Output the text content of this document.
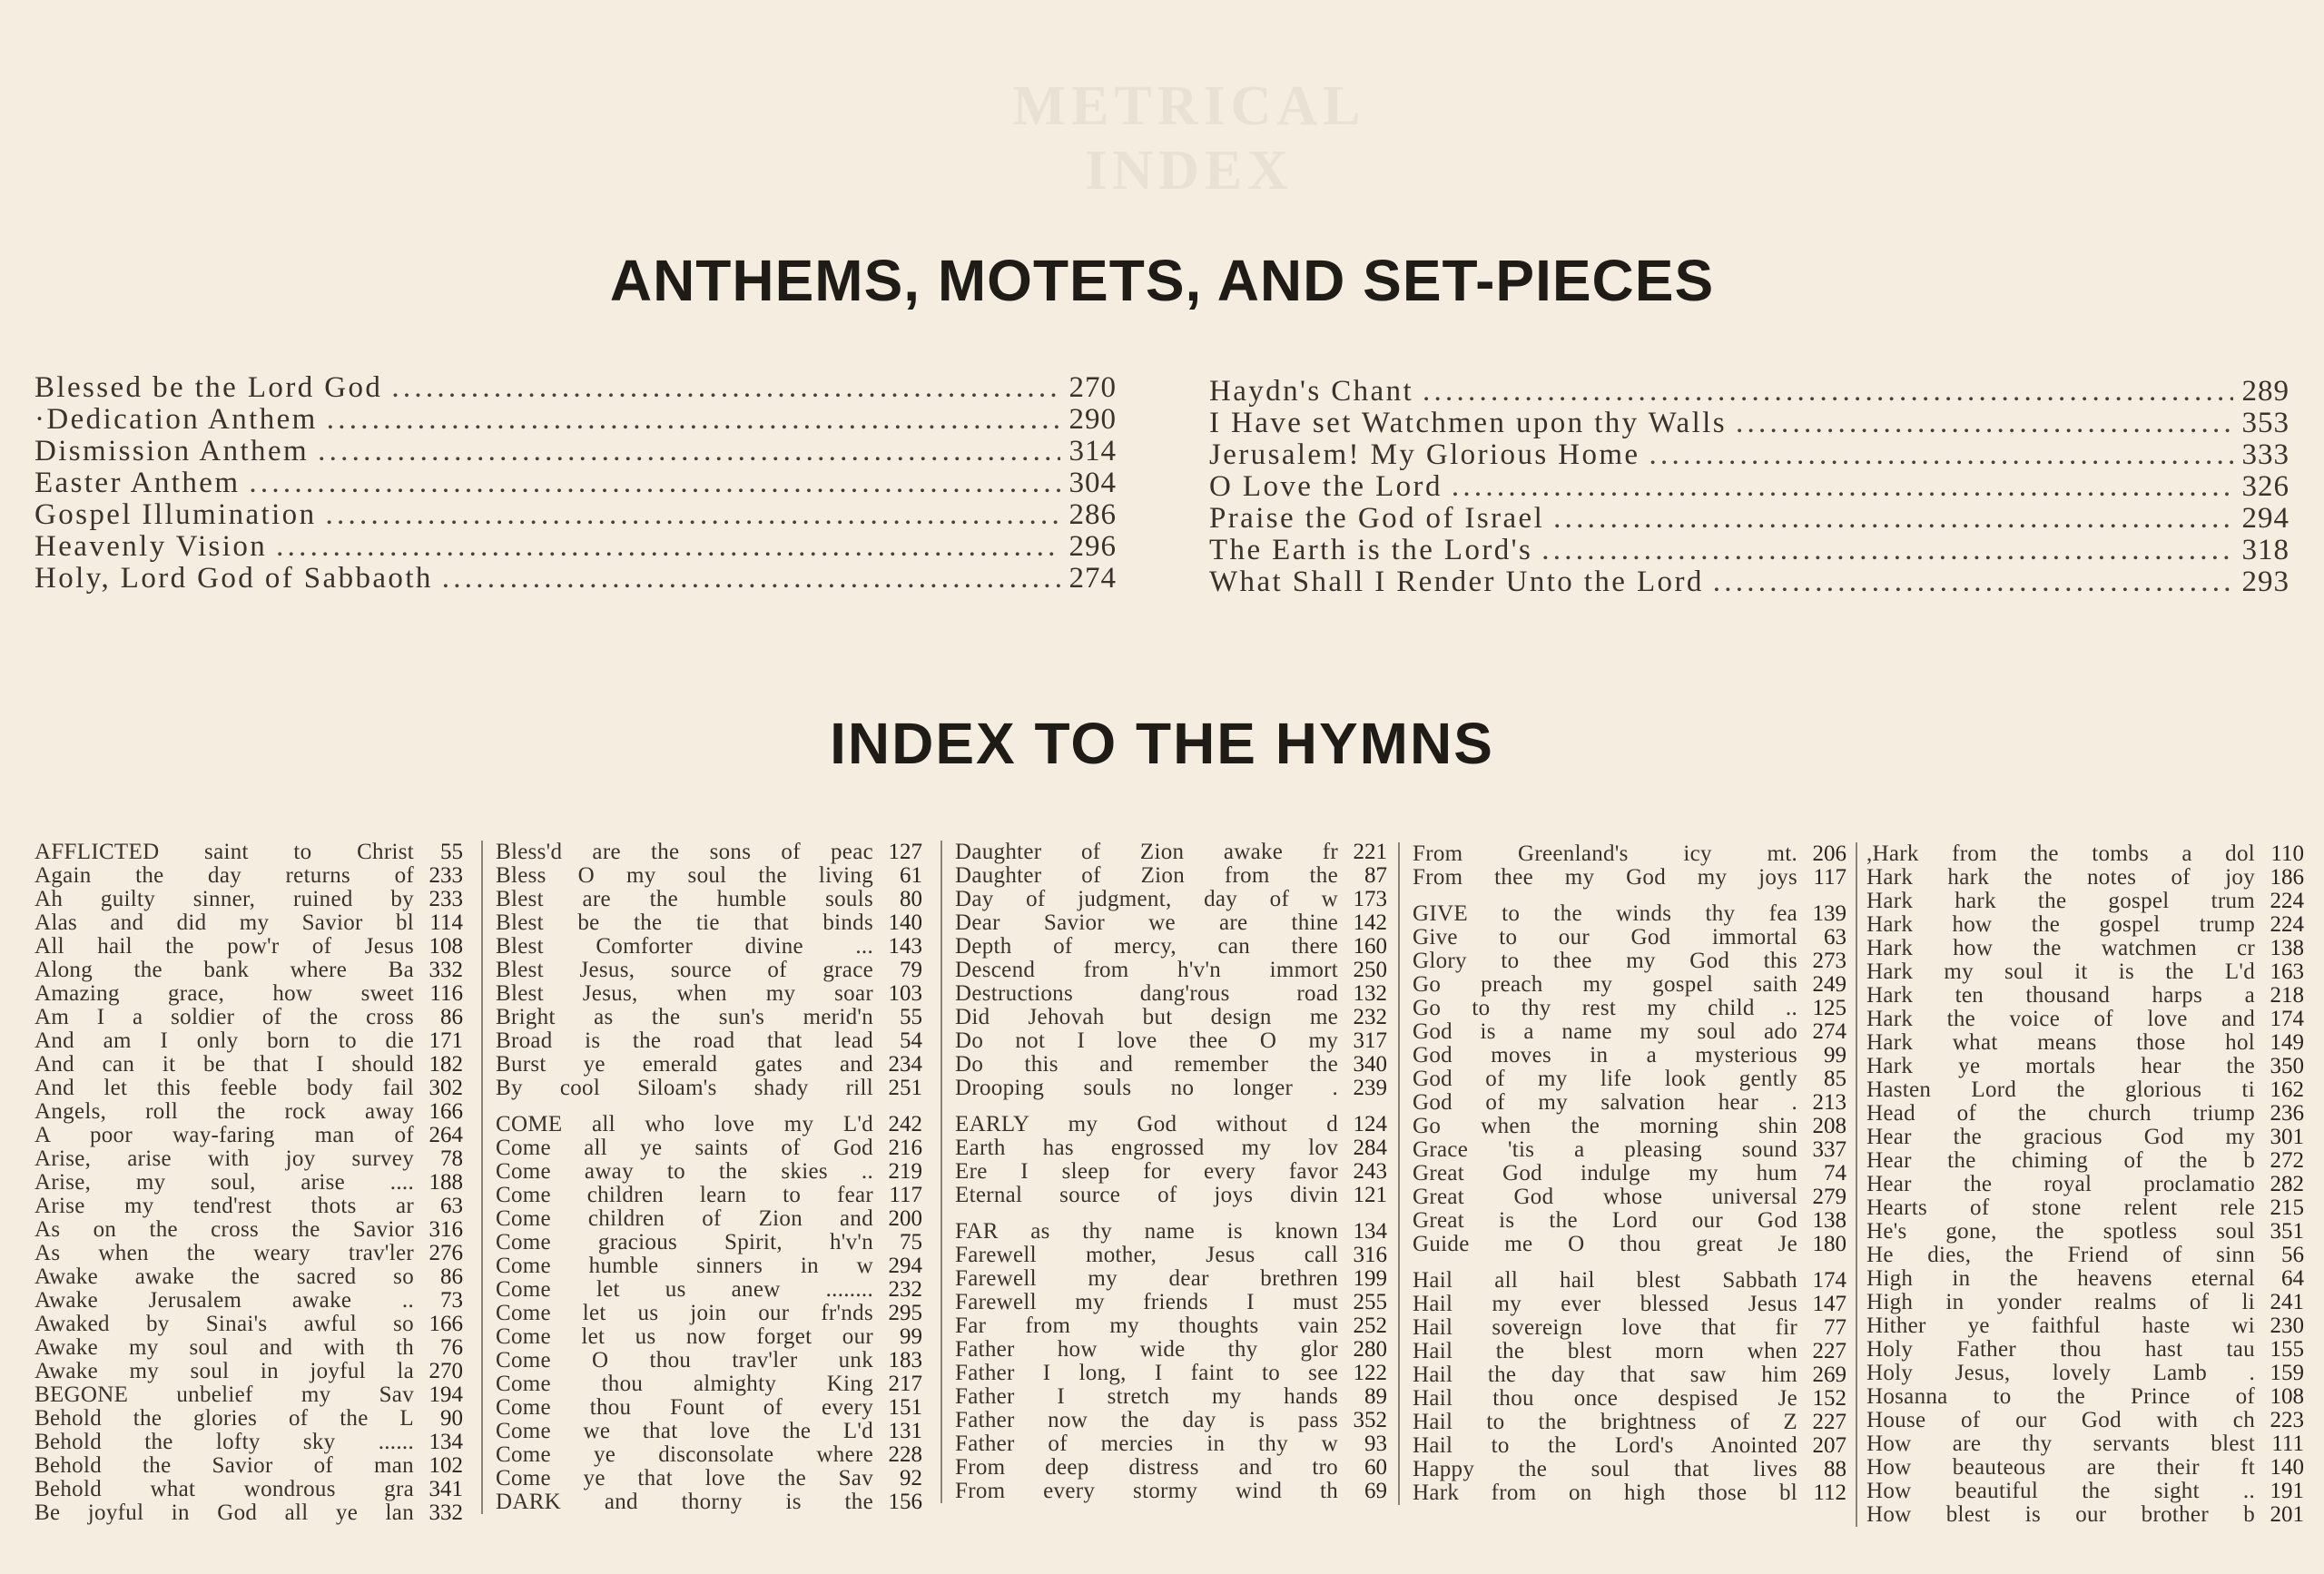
METRICAL INDEX
ANTHEMS, MOTETS, AND SET-PIECES
Blessed be the Lord God . . .	270
·Dedication Anthem . . .	290
Dismission Anthem . . .	314
Easter Anthem . . .	304
Gospel Illumination . . .	286
Heavenly Vision . . .	296
Holy, Lord God of Sabbaoth . . .	274
Haydn's Chant . . .	289
I Have set Watchmen upon thy Walls . . .	353
Jerusalem! My Glorious Home . . .	333
O Love the Lord . . .	326
Praise the God of Israel . . .	294
The Earth is the Lord's . . .	318
What Shall I Render Unto the Lord . . .	293
INDEX TO THE HYMNS
AFFLICTED saint to Christ	55
Again the day returns of 233
Ah guilty sinner, ruined by 233
Alas and did my Savior bl 114
All hail the pow'r of Jesus 108
Along the bank where Ba 332
Amazing grace, how sweet 116
Am I a soldier of the cross	86
And am I only born to die 171
And can it be that I should 182
And let this feeble body fail 302
Angels, roll the rock away 166
A poor way-faring man of 264
Arise, arise with joy survey	78
Arise, my soul, arise .... 188
Arise my tend'rest thots ar	63
As on the cross the Savior 316
As when the weary trav'ler 276
Awake awake the sacred so	86
Awake Jerusalem awake ..	73
Awaked by Sinai's awful so 166
Awake my soul and with th	76
Awake my soul in joyful la 270
BEGONE unbelief my Sav 194
Behold the glories of the L	90
Behold the lofty sky ...... 134
Behold the Savior of man 102
Behold what wondrous gra 341
Be joyful in God all ye lan 332
Bless'd are the sons of peac 127
Bless O my soul the living	61
Blest are the humble souls	80
Blest be the tie that binds 140
Blest Comforter divine ... 143
Blest Jesus, source of grace	79
Blest Jesus, when my soar 103
Bright as the sun's merid'n	55
Broad is the road that lead	54
Burst ye emerald gates and 234
By cool Siloam's shady rill 251
COME all who love my L'd 242
Come all ye saints of God 216
Come away to the skies .. 219
Come children learn to fear 117
Come children of Zion and 200
Come gracious Spirit, h'v'n	75
Come humble sinners in w 294
Come let us anew ........ 232
Come let us join our fr'nds 295
Come let us now forget our	99
Come O thou trav'ler unk 183
Come thou almighty King 217
Come thou Fount of every 151
Come we that love the L'd 131
Come ye disconsolate where 228
Come ye that love the Sav	92
DARK and thorny is the 156
Daughter of Zion awake fr 221
Daughter of Zion from the	87
Day of judgment, day of w 173
Dear Savior we are thine 142
Depth of mercy, can there 160
Descend from h'v'n immort 250
Destructions dang'rous road 132
Did Jehovah but design me 232
Do not I love thee O my 317
Do this and remember the 340
Drooping souls no longer . 239
EARLY my God without d 124
Earth has engrossed my lov 284
Ere I sleep for every favor 243
Eternal source of joys divin 121
FAR as thy name is known 134
Farewell mother, Jesus call 316
Farewell my dear brethren 199
Farewell my friends I must 255
Far from my thoughts vain 252
Father how wide thy glor 280
Father I long, I faint to see 122
Father I stretch my hands	89
Father now the day is pass 352
Father of mercies in thy w	93
From deep distress and tro	60
From every stormy wind th	69
From Greenland's icy mt. 206
From thee my God my joys 117
GIVE to the winds thy fea 139
Give to our God immortal	63
Glory to thee my God this 273
Go preach my gospel saith 249
Go to thy rest my child .. 125
God is a name my soul ado 274
God moves in a mysterious	99
God of my life look gently	85
God of my salvation hear . 213
Go when the morning shin 208
Grace 'tis a pleasing sound 337
Great God indulge my hum	74
Great God whose universal 279
Great is the Lord our God 138
Guide me O thou great Je 180
Hail all hail blest Sabbath 174
Hail my ever blessed Jesus 147
Hail sovereign love that fir	77
Hail the blest morn when 227
Hail the day that saw him 269
Hail thou once despised Je 152
Hail to the brightness of Z 227
Hail to the Lord's Anointed 207
Happy the soul that lives	88
Hark from on high those bl 112
,Hark from the tombs a dol 110
Hark hark the notes of joy 186
Hark hark the gospel trum 224
Hark how the gospel trump 224
Hark how the watchmen cr 138
Hark my soul it is the L'd 163
Hark ten thousand harps a 218
Hark the voice of love and 174
Hark what means those hol 149
Hark ye mortals hear the 350
Hasten Lord the glorious ti 162
Head of the church triump 236
Hear the gracious God my 301
Hear the chiming of the b 272
Hear the royal proclamatio 282
Hearts of stone relent rele 215
He's gone, the spotless soul 351
He dies, the Friend of sinn	56
High in the heavens eternal	64
High in yonder realms of li 241
Hither ye faithful haste wi 230
Holy Father thou hast tau 155
Holy Jesus, lovely Lamb . 159
Hosanna to the Prince of 108
House of our God with ch 223
How are thy servants blest 111
How beauteous are their ft 140
How beautiful the sight .. 191
How blest is our brother b 201
